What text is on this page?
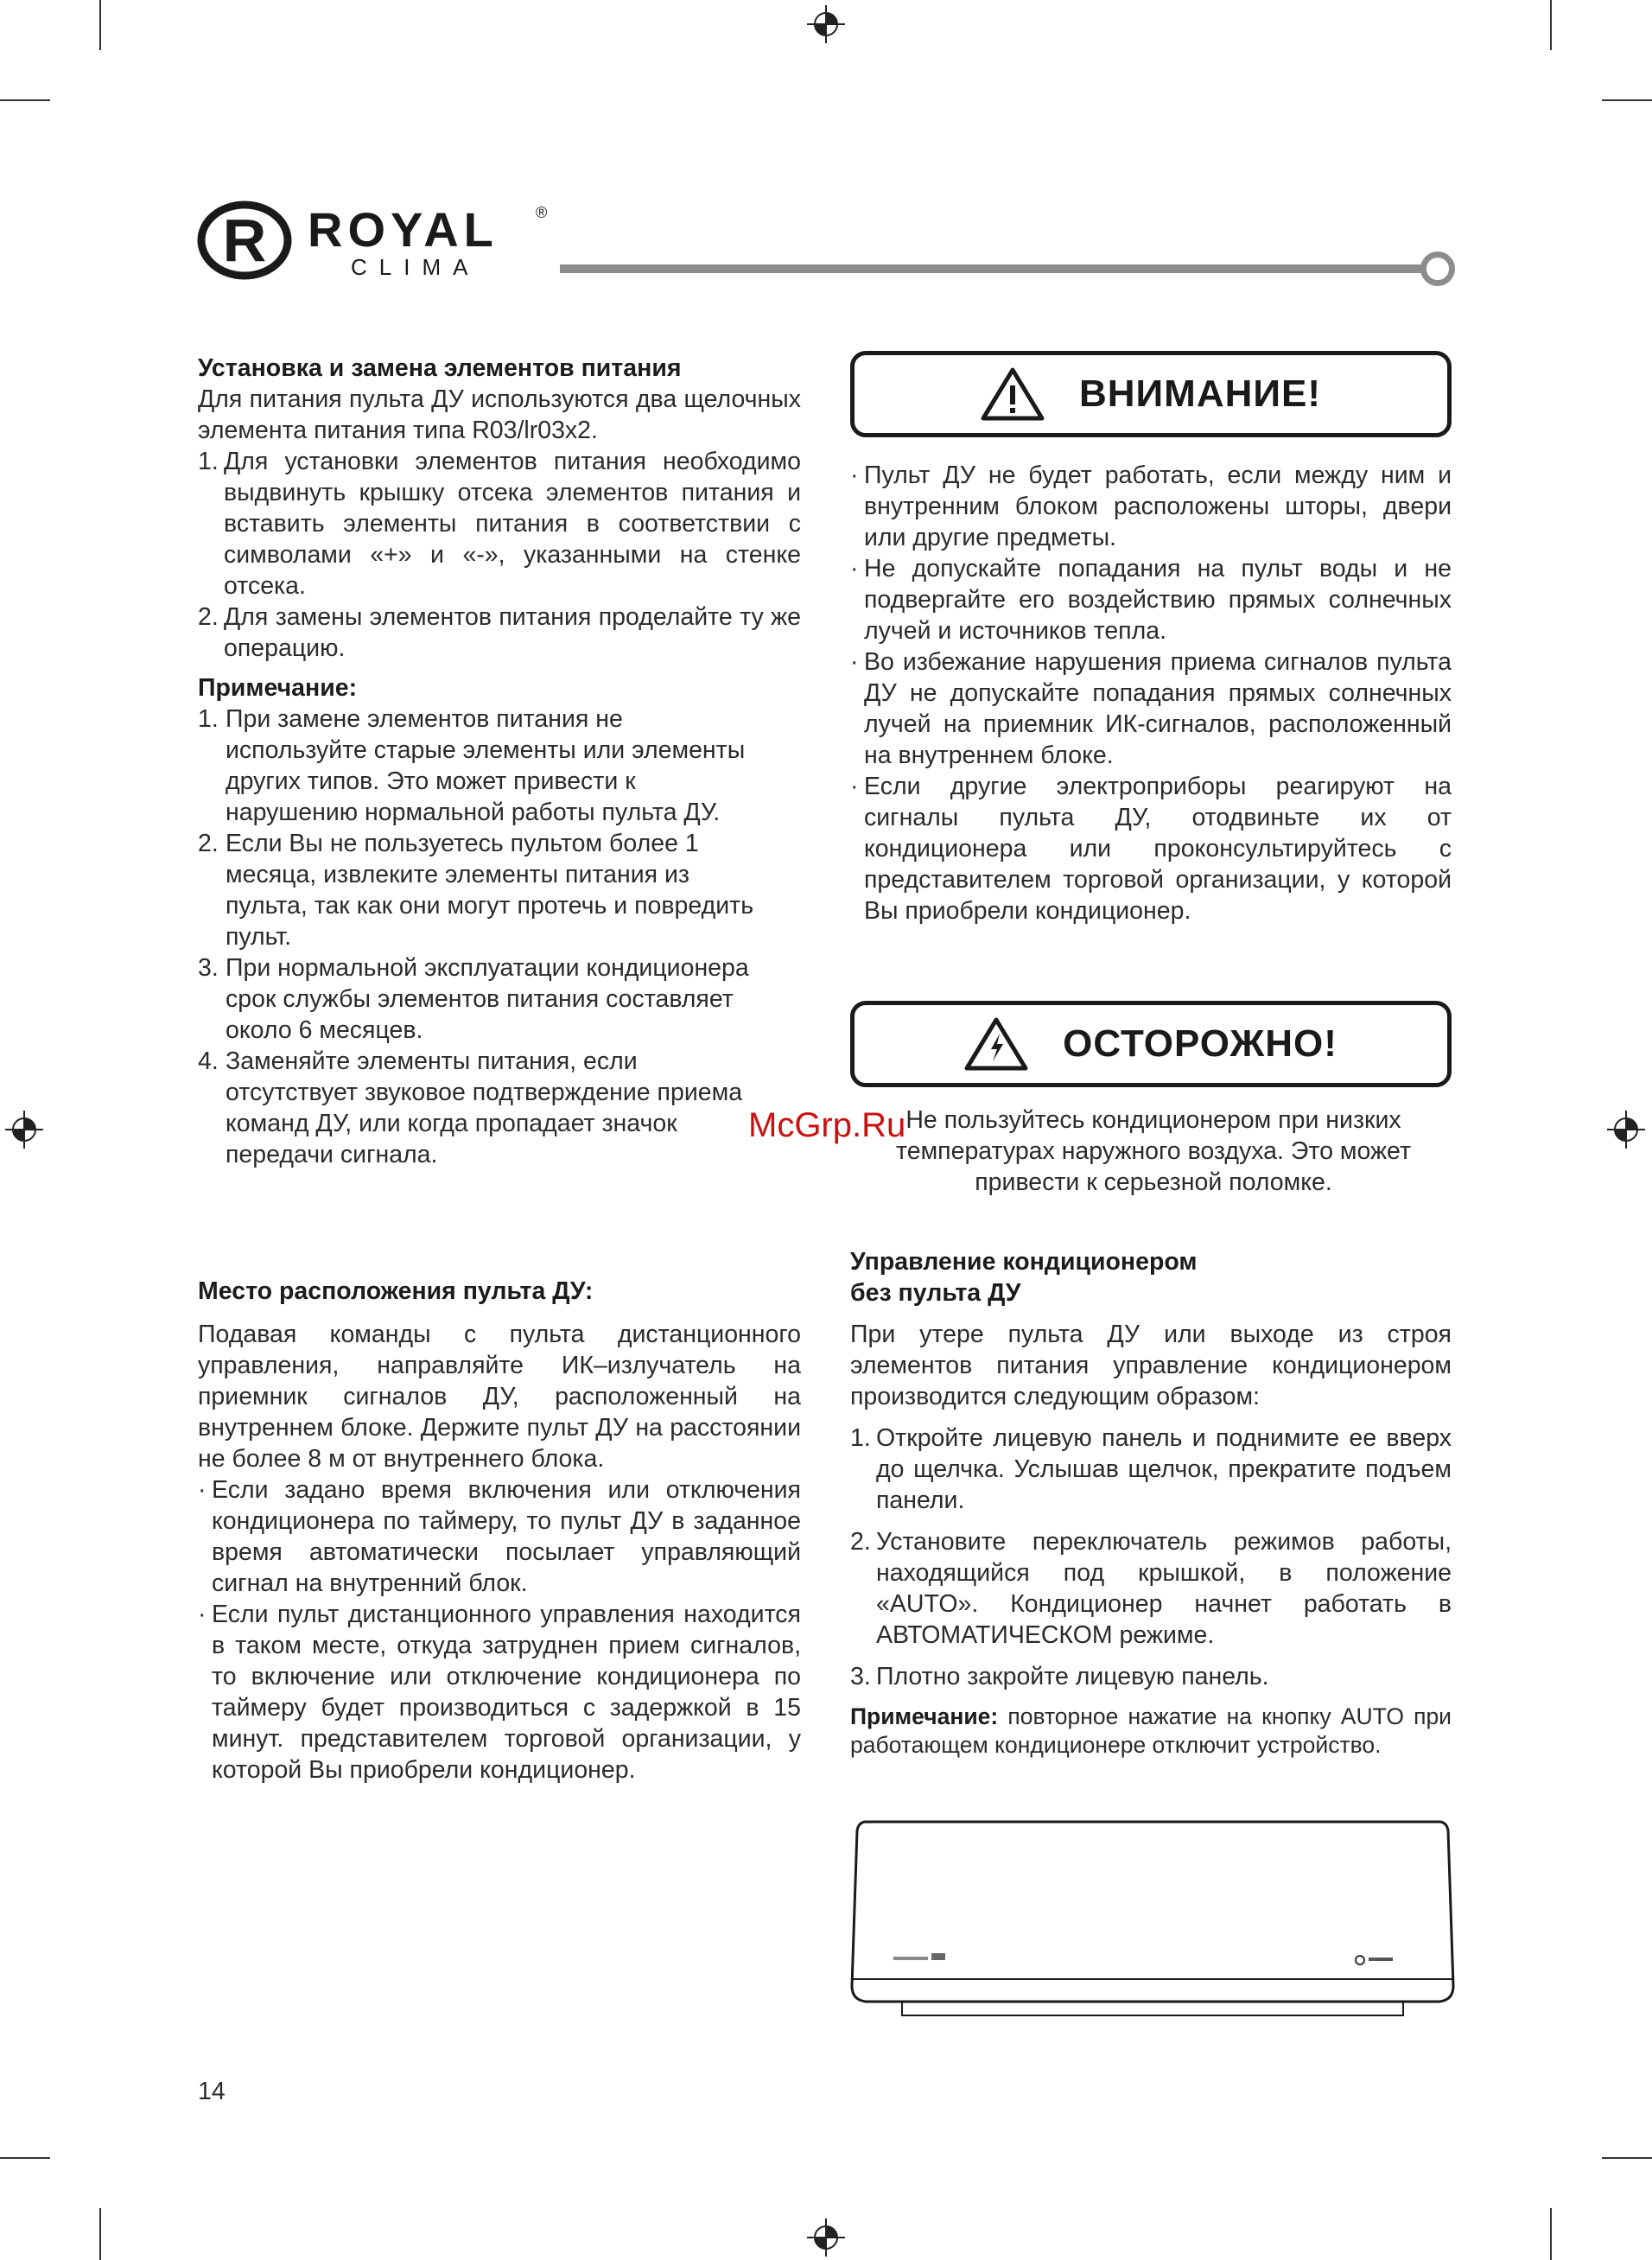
R ROYAL ®
CLIMA

Установка и замена элементов питания

Для питания пульта ДУ используются два щелочных элемента питания типа R03/lr03x2.

1. Для установки элементов питания необходимо выдвинуть крышку отсека элементов питания и вставить элементы питания в соответствии с символами «+» и «-», указанными на стенке отсека.
2. Для замены элементов питания проделайте ту же операцию.

Примечание:

1. При замене элементов питания не используйте старые элементы или элементы других типов. Это может привести к нарушению нормальной работы пульта ДУ.
2. Если Вы не пользуетесь пультом более 1 месяца, извлеките элементы питания из пульта, так как они могут протечь и повредить пульт.
3. При нормальной эксплуатации кондиционера срок службы элементов питания составляет около 6 месяцев.
4. Заменяйте элементы питания, если отсутствует звуковое подтверждение приема команд ДУ, или когда пропадает значок передачи сигнала.

Место расположения пульта ДУ:

Подавая команды с пульта дистанционного управления, направляйте ИК–излучатель на приемник сигналов ДУ, расположенный на внутреннем блоке. Держите пульт ДУ на расстоянии не более 8 м от внутреннего блока.

· Если задано время включения или отключения кондиционера по таймеру, то пульт ДУ в заданное время автоматически посылает управляющий сигнал на внутренний блок.
· Если пульт дистанционного управления находится в таком месте, откуда затруднен прием сигналов, то включение или отключение кондиционера по таймеру будет производиться с задержкой в 15 минут. представителем торговой организации, у которой Вы приобрели кондиционер.
ВНИМАНИЕ!
· Пульт ДУ не будет работать, если между ним и внутренним блоком расположены шторы, двери или другие предметы.
· Не допускайте попадания на пульт воды и не подвергайте его воздействию прямых солнечных лучей и источников тепла.
· Во избежание нарушения приема сигналов пульта ДУ не допускайте попадания прямых солнечных лучей на приемник ИК-сигналов, расположенный на внутреннем блоке.
· Если другие электроприборы реагируют на сигналы пульта ДУ, отодвиньте их от кондиционера или проконсультируйтесь с представителем торговой организации, у которой Вы приобрели кондиционер.
ОСТОРОЖНО!
Не пользуйтесь кондиционером при низких температурах наружного воздуха. Это может привести к серьезной поломке.
McGrp.Ru

Управление кондиционером

без пульта ДУ

При утере пульта ДУ или выходе из строя элементов питания управление кондиционером производится следующим образом:

1. Откройте лицевую панель и поднимите ее вверх до щелчка. Услышав щелчок, прекратите подъем панели.
2. Установите переключатель режимов работы, находящийся под крышкой, в положение «AUTO». Кондиционер начнет работать в АВТОМАТИЧЕСКОМ режиме.
3. Плотно закройте лицевую панель.

Примечание: повторное нажатие на кнопку AUTO при работающем кондиционере отключит устройство.

14
